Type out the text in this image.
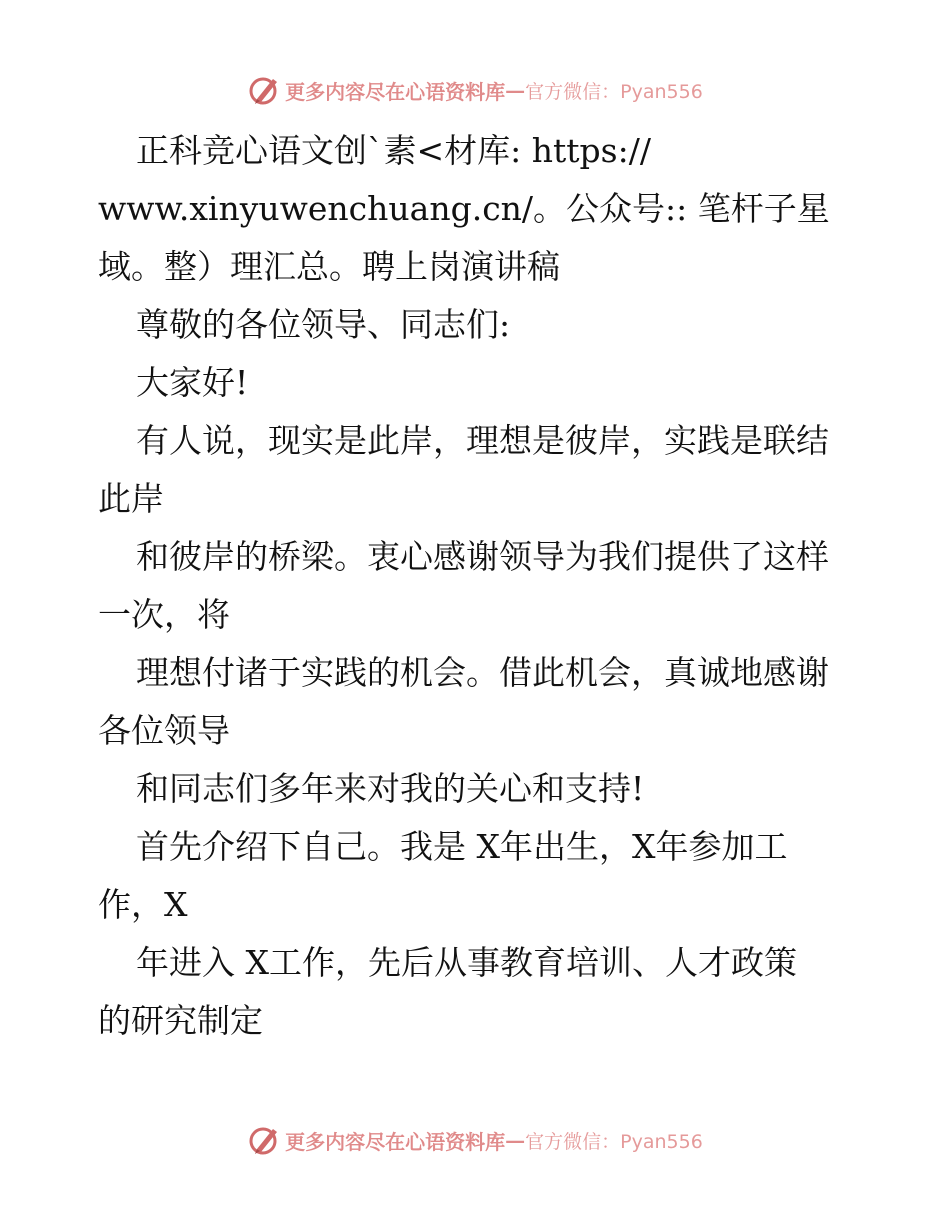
更多内容尽在心语资料库 — 官方微信：Pyan556

正科竞心语文创`素<材库: https://

www.xinyuwenchuang.cn/。公众号:: 笔杆子星

域。整）理汇总。聘上岗演讲稿

尊敬的各位领导、同志们:

大家好!

有人说，现实是此岸，理想是彼岸，实践是联结

此岸

和彼岸的桥梁。衷心感谢领导为我们提供了这样

一次，将

理想付诸于实践的机会。借此机会，真诚地感谢

各位领导

和同志们多年来对我的关心和支持!

首先介绍下自己。我是 X年出生，X年参加工

作，X

年进入 X工作，先后从事教育培训、人才政策

的研究制定

更多内容尽在心语资料库 — 官方微信：Pyan556
